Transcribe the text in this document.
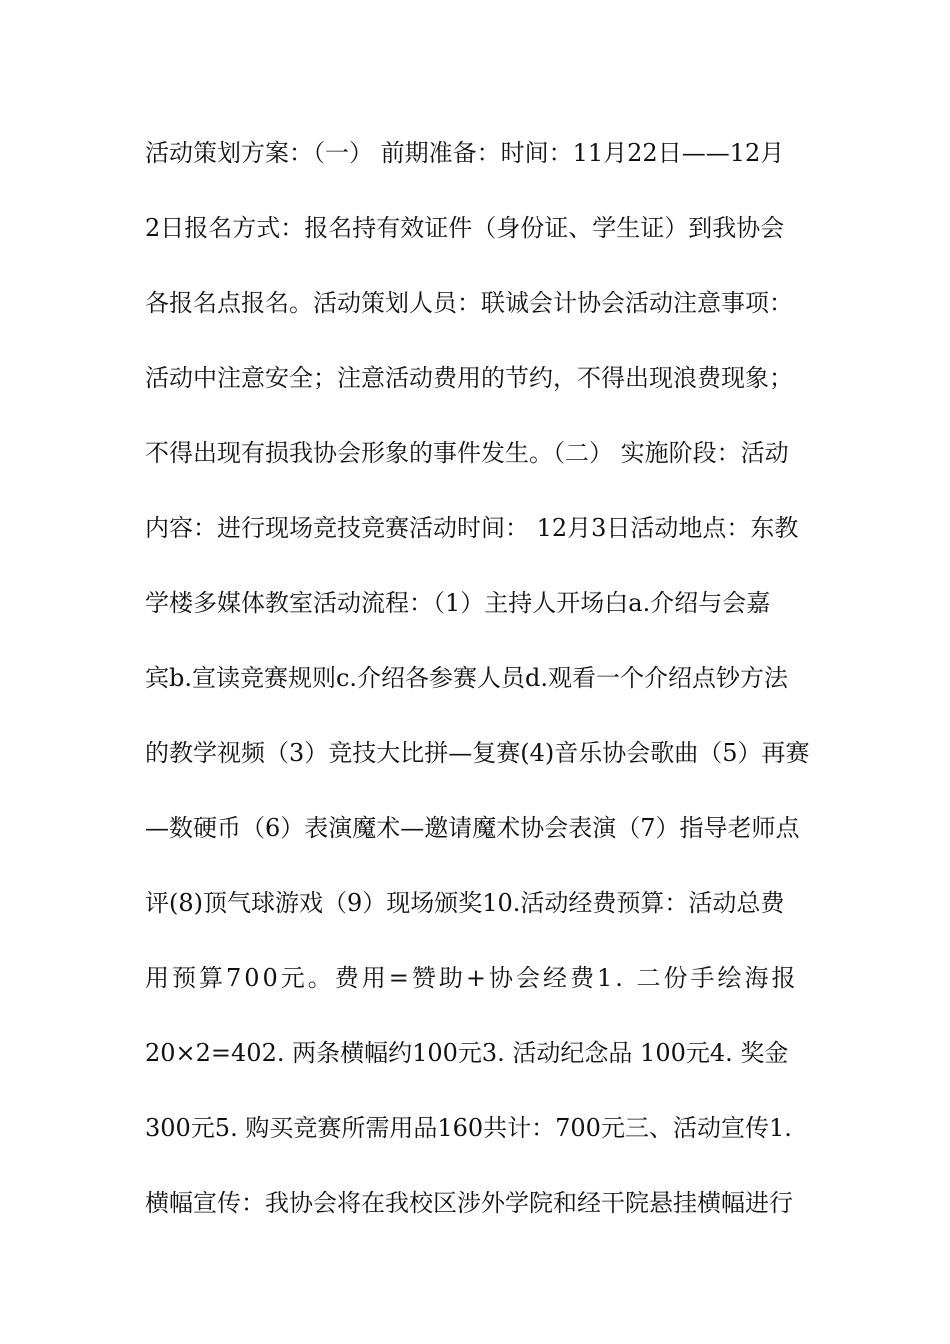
活动策划方案：（一） 前期准备：时间：11月22日——12月
2日报名方式：报名持有效证件（身份证、学生证）到我协会
各报名点报名。活动策划人员：联诚会计协会活动注意事项：
活动中注意安全；注意活动费用的节约，不得出现浪费现象；
不得出现有损我协会形象的事件发生。（二） 实施阶段：活动
内容：进行现场竞技竞赛活动时间： 12月3日活动地点：东教
学楼多媒体教室活动流程：（1）主持人开场白a.介绍与会嘉
宾b.宣读竞赛规则c.介绍各参赛人员d.观看一个介绍点钞方法
的教学视频（3）竞技大比拼—复赛(4)音乐协会歌曲（5）再赛
—数硬币（6）表演魔术—邀请魔术协会表演（7）指导老师点
评(8)顶气球游戏（9）现场颁奖10.活动经费预算：活动总费
用预算700元。费用=赞助+协会经费1. 二份手绘海报
20×2=402. 两条横幅约100元3. 活动纪念品 100元4. 奖金
300元5. 购买竞赛所需用品160共计：700元三、活动宣传1.
横幅宣传：我协会将在我校区涉外学院和经干院悬挂横幅进行
